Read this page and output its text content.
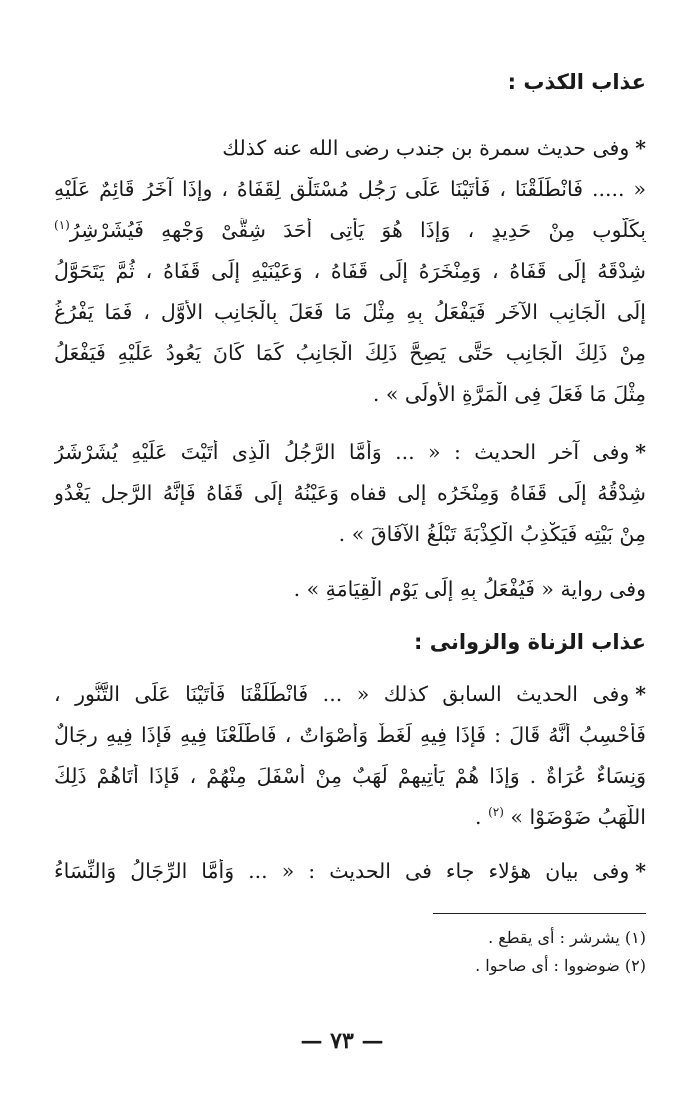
عذاب الكذب :
*وفى حديث سمرة بن جندب رضى الله عنه كذلك
« ..... فَانْطَلَقْنَا ، فَأَتَيْنَا عَلَى رَجُلٍ مُسْتَلْقٍ لِقَفَاهُ ، وإِذَا آخَرُ قَائِمٌ عَلَيْهِ
بِكَلُّوبٍ مِنْ حَدِيدٍ ، وَإِذَا هُوَ يَأْتِى أَحَدَ شِقَّىْ وَجْهِهِ فَيُشَرْشِرُ$^{(١)}$
شِدْقَهُ إِلَى قَفَاهُ ، وَمِنْخَرَهُ إِلَى قَفَاهُ ، وَعَيْنَيْهِ إِلَى قَفَاهُ ، ثُمَّ يَتَحَوَّلُ
إِلَى الْجَانِبِ الآخَرِ فَيَفْعَلُ بِهِ مِثْلَ مَا فَعَلَ بِالْجَانِبِ الأَوَّلِ ، فَمَا يَفْرُغُ
مِنْ ذَلِكَ الْجَانِبِ حَتَّى يَصِحَّ ذَلِكَ الْجَانِبُ كَمَا كَانَ يَعُودُ عَلَيْهِ فَيَفْعَلُ
مِثْلَ مَا فَعَلَ فِى الْمَرَّةِ الأُولَى » .
*وفى آخر الحديث : « ... وَأَمَّا الرَّجُلُ الَّذِى أَتَيْتَ عَلَيْهِ يُشَرْشَرُ
شِدْقُهُ إِلَى قَفَاهُ وَمِنْخَرُه إِلى قفاه وَعَيْنُهُ إِلَى قَفَاهُ فَإِنَّهُ الرَّجل يَغْدُو
مِنْ بَيْتِه فَيَكْذِبُ الْكِذْبَةَ تَبْلُغُ الآفَاقَ » .
وفى رواية « فَيُفْعَلُ بِهِ إِلَى يَوْمِ الْقِيَامَةِ » .
عذاب الزناة والزوانى :
*وفى الحديث السابق كذلك « ... فَانْطَلَقْنَا فَأَتَيْنَا عَلَى التَّنُّورِ ،
فَأَحْسِبُ أَنَّهُ قَالَ : فَإِذَا فِيهِ لَغَطٌ وَأَصْوَاتٌ ، فَاطَّلَعْنَا فِيهِ فَإِذَا فِيهِ رِجَالٌ
وَنِسَاءٌ عُرَاةٌ . وَإِذَا هُمْ يَأْتِيهِمْ لَهَبٌ مِنْ أَسْفَلَ مِنْهُمْ ، فَإِذَا أَتَاهُمْ ذَلِكَ
اللَّهَبُ ضَوْضَوْا » $^{(٢)}$ .
*وفى بيان هؤلاء جاء فى الحديث : « ... وَأَمَّا الرِّجَالُ وَالنِّسَاءُ
(١) يشرشر : أى يقطع .
(٢) ضوضووا : أى صاحوا .
— ٧٣ —
